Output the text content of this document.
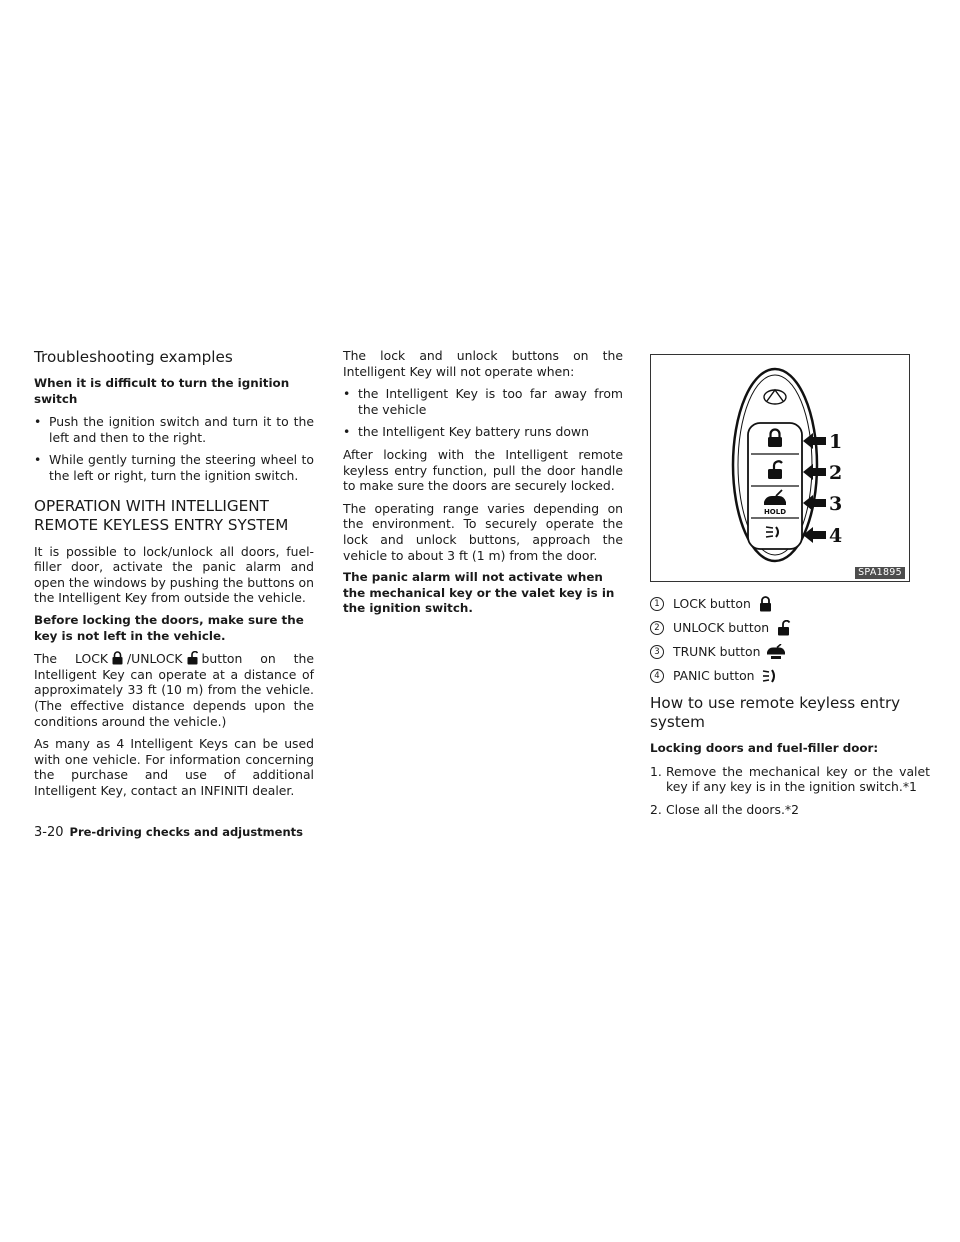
Troubleshooting examples

When it is difficult to turn the ignition switch

• Push the ignition switch and turn it to the left and then to the right.
• While gently turning the steering wheel to the left or right, turn the ignition switch.
OPERATION WITH INTELLIGENT REMOTE KEYLESS ENTRY SYSTEM

It is possible to lock/unlock all doors, fuel-filler door, activate the panic alarm and open the windows by pushing the buttons on the Intelligent Key from outside the vehicle.

Before locking the doors, make sure the key is not left in the vehicle.

The LOCK /UNLOCK button on the Intelligent Key can operate at a distance of approximately 33 ft (10 m) from the vehicle. (The effective distance depends upon the conditions around the vehicle.)

As many as 4 Intelligent Keys can be used with one vehicle. For information concerning the purchase and use of additional Intelligent Key, contact an INFINITI dealer.

The lock and unlock buttons on the Intelligent Key will not operate when:

• the Intelligent Key is too far away from the vehicle
• the Intelligent Key battery runs down

After locking with the Intelligent remote keyless entry function, pull the door handle to make sure the doors are securely locked.

The operating range varies depending on the environment. To securely operate the lock and unlock buttons, approach the vehicle to about 3 ft (1 m) from the door.

The panic alarm will not activate when the mechanical key or the valet key is in the ignition switch.

HOLD
1
2
3
4
SPA1895
1	LOCK button
2	UNLOCK button
3	TRUNK button
4	PANIC button
How to use remote keyless entry system

Locking doors and fuel-filler door:

1. Remove the mechanical key or the valet key if any key is in the ignition switch.*1
2. Close all the doors.*2
3-20 Pre-driving checks and adjustments
